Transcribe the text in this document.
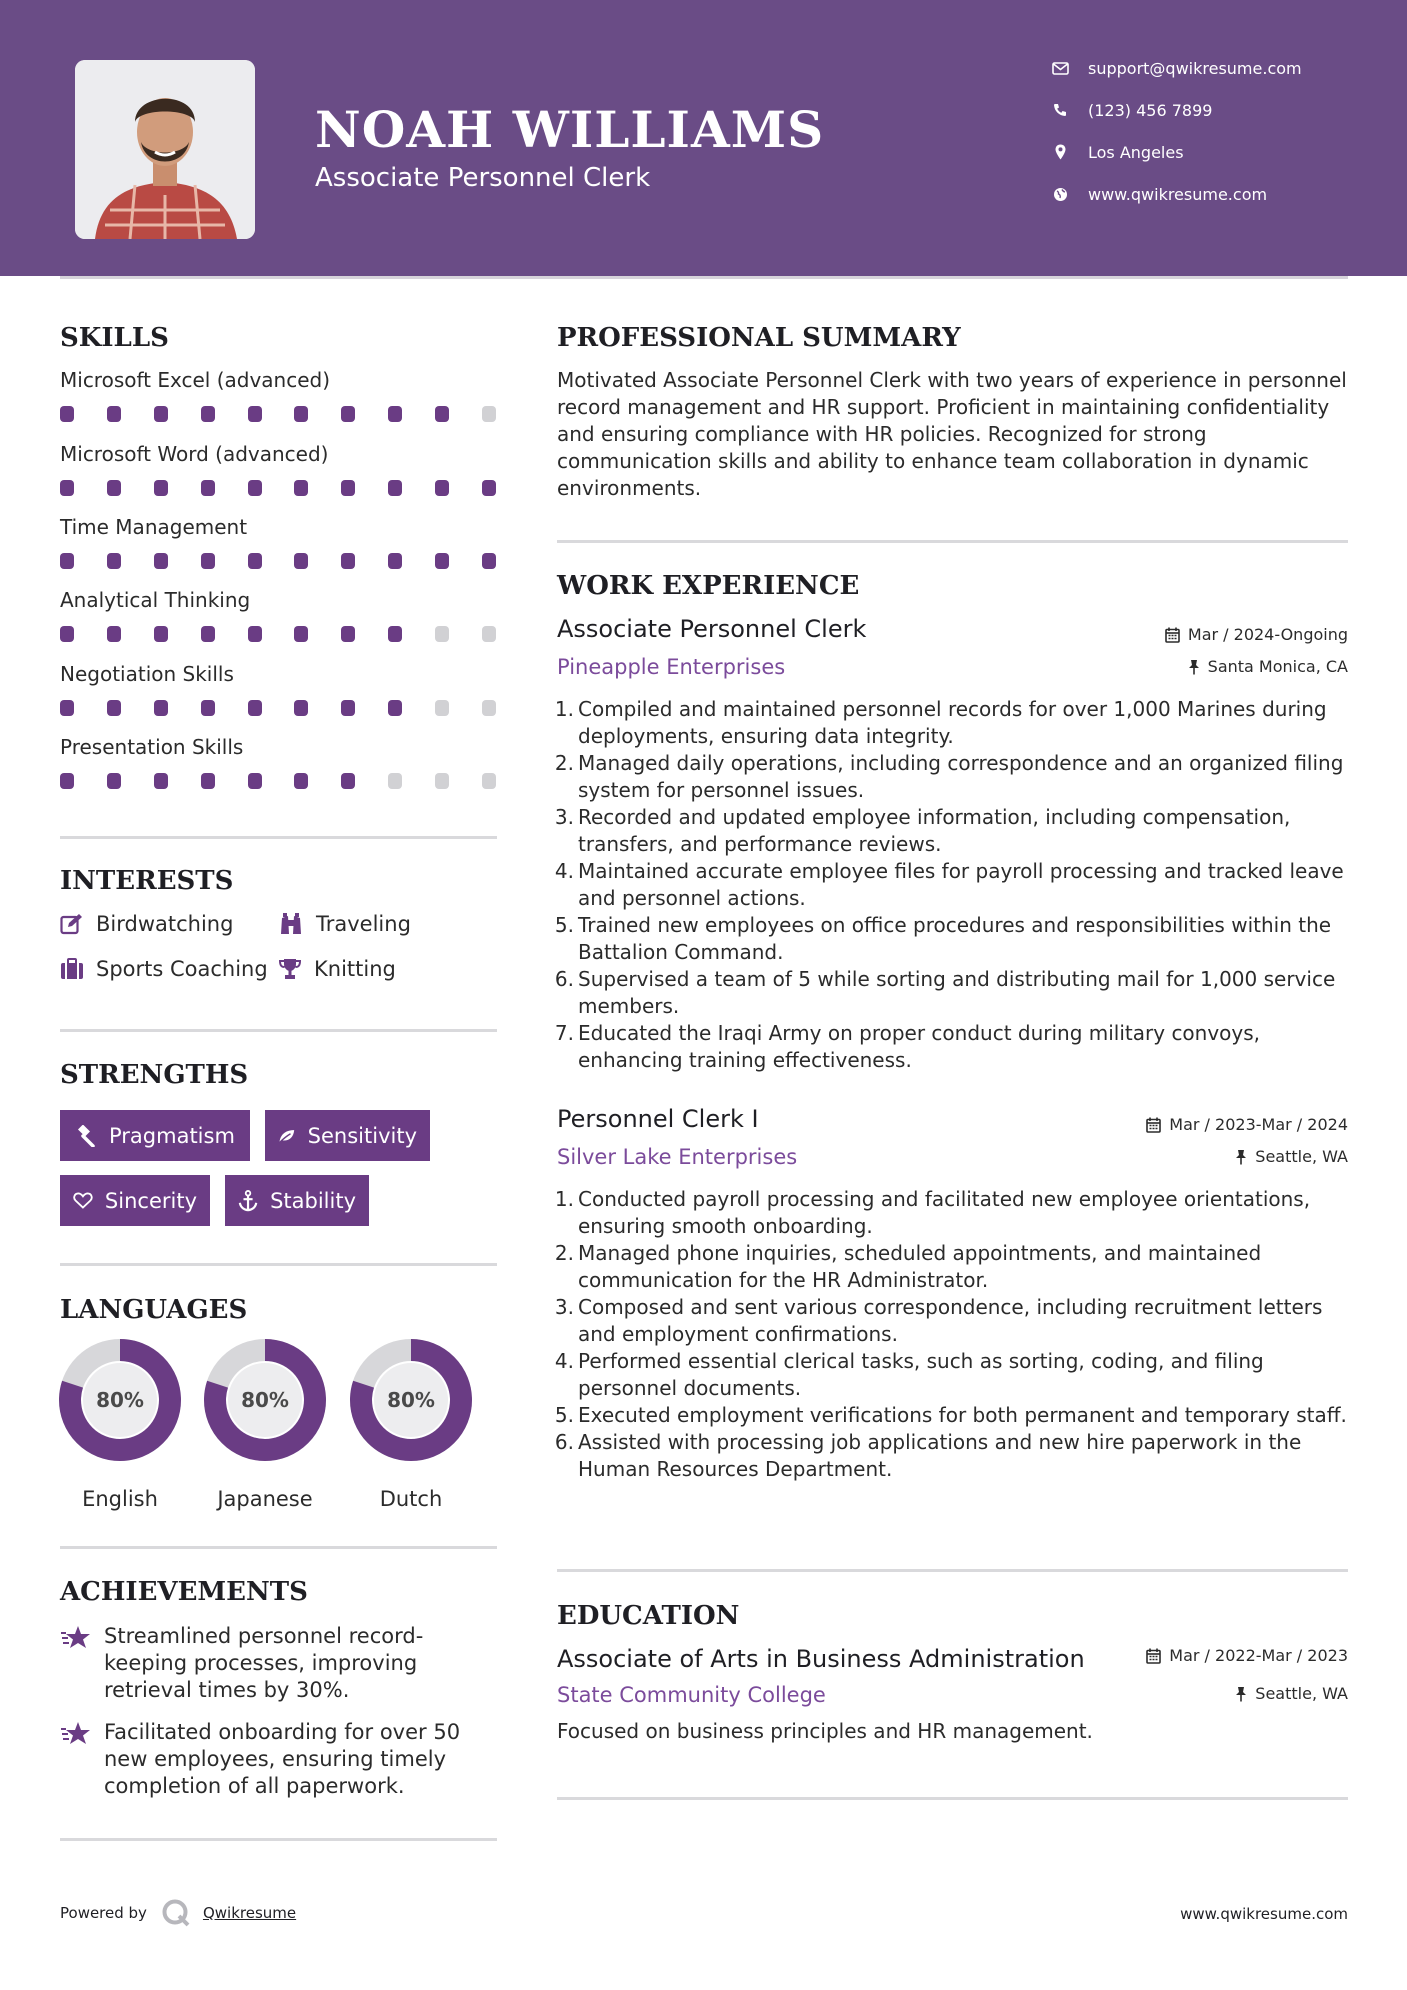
NOAH WILLIAMS
Associate Personnel Clerk
support@qwikresume.com
(123) 456 7899
Los Angeles
www.qwikresume.com
SKILLS
Microsoft Excel (advanced)
Microsoft Word (advanced)
Time Management
Analytical Thinking
Negotiation Skills
Presentation Skills
INTERESTS
Birdwatching	Traveling
Sports Coaching Knitting
STRENGTHS
Pragmatism	Sensitivity
Sincerity	Stability
LANGUAGES
80%
English
80%
Japanese
80%
Dutch
ACHIEVEMENTS
Streamlined personnel record-keeping processes, improving retrieval times by 30%.
Facilitated onboarding for over 50 new employees, ensuring timely completion of all paperwork.
PROFESSIONAL SUMMARY
Motivated Associate Personnel Clerk with two years of experience in personnel record management and HR support. Proficient in maintaining confidentiality and ensuring compliance with HR policies. Recognized for strong communication skills and ability to enhance team collaboration in dynamic environments.
WORK EXPERIENCE
Associate Personnel Clerk	Mar / 2024-Ongoing
Pineapple Enterprises	Santa Monica, CA
1. Compiled and maintained personnel records for over 1,000 Marines during deployments, ensuring data integrity.
2. Managed daily operations, including correspondence and an organized filing system for personnel issues.
3. Recorded and updated employee information, including compensation, transfers, and performance reviews.
4. Maintained accurate employee files for payroll processing and tracked leave and personnel actions.
5. Trained new employees on office procedures and responsibilities within the Battalion Command.
6. Supervised a team of 5 while sorting and distributing mail for 1,000 service members.
7. Educated the Iraqi Army on proper conduct during military convoys, enhancing training effectiveness.
Personnel Clerk I	Mar / 2023-Mar / 2024
Silver Lake Enterprises	Seattle, WA
1. Conducted payroll processing and facilitated new employee orientations, ensuring smooth onboarding.
2. Managed phone inquiries, scheduled appointments, and maintained communication for the HR Administrator.
3. Composed and sent various correspondence, including recruitment letters and employment confirmations.
4. Performed essential clerical tasks, such as sorting, coding, and filing personnel documents.
5. Executed employment verifications for both permanent and temporary staff.
6. Assisted with processing job applications and new hire paperwork in the Human Resources Department.
EDUCATION
Associate of Arts in Business Administration	Mar / 2022-Mar / 2023
State Community College	Seattle, WA
Focused on business principles and HR management.
Powered by	Qwikresume	www.qwikresume.com
